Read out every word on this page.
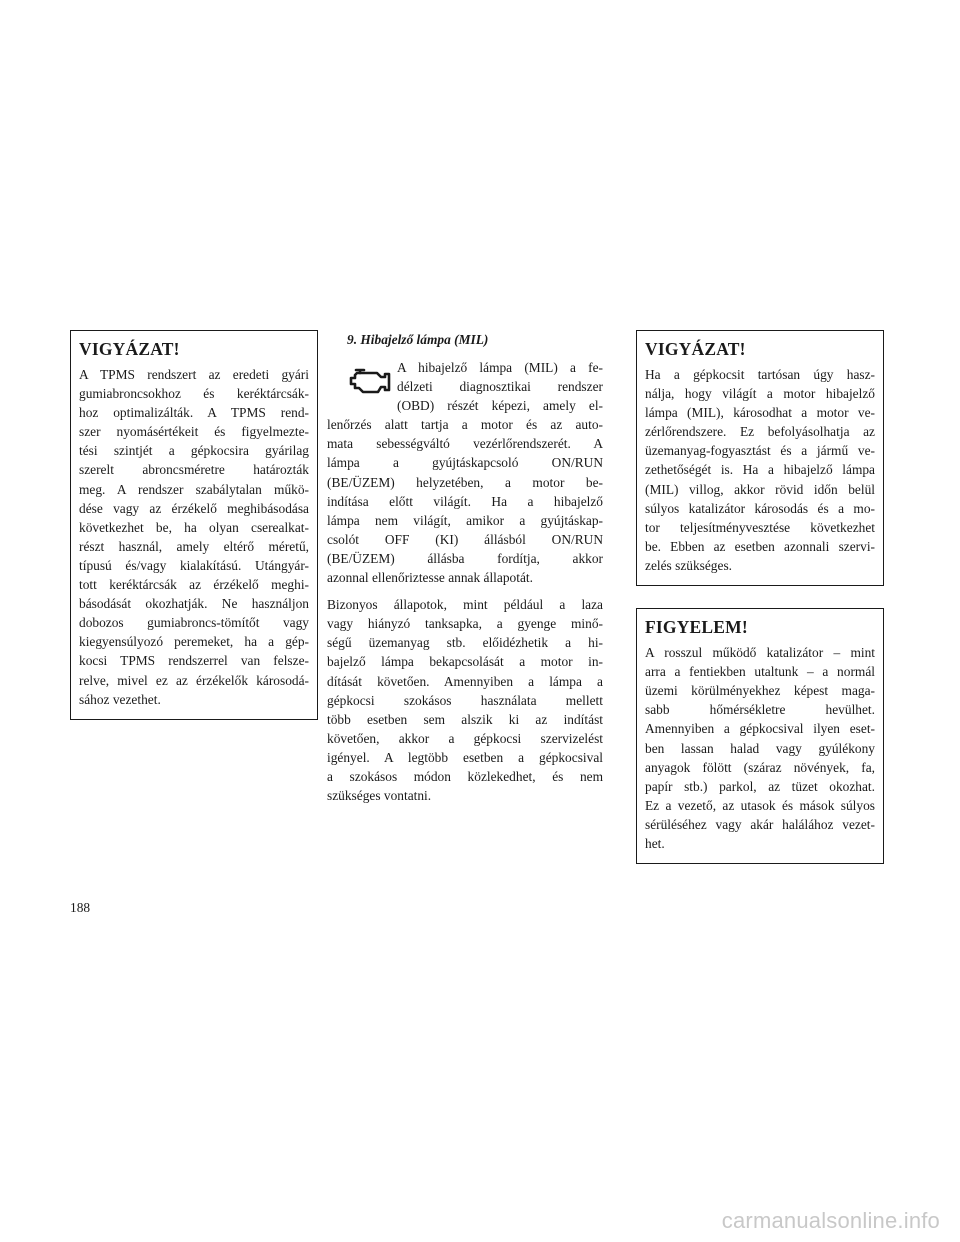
VIGYÁZAT!

A TPMS rendszert az eredeti gyári
gumiabroncsokhoz és keréktárcsák-
hoz optimalizálták. A TPMS rend-
szer nyomásértékeit és figyelmezte-
tési szintjét a gépkocsira gyárilag
szerelt abroncsméretre határozták
meg. A rendszer szabálytalan műkö-
dése vagy az érzékelő meghibásodása
következhet be, ha olyan cserealkat-
részt használ, amely eltérő méretű,
típusú és/vagy kialakítású. Utángyár-
tott keréktárcsák az érzékelő meghi-
básodását okozhatják. Ne használjon
dobozos gumiabroncs-tömítőt vagy
kiegyensúlyozó peremeket, ha a gép-
kocsi TPMS rendszerrel van felsze-
relve, mivel ez az érzékelők károsodá-
sához vezethet.

9. Hibajelző lámpa (MIL)

A hibajelző lámpa (MIL) a fe-
délzeti diagnosztikai rendszer
(OBD) részét képezi, amely el-
lenőrzés alatt tartja a motor és az auto-
mata sebességváltó vezérlőrendszerét. A
lámpa a gyújtáskapcsoló ON/RUN
(BE/ÜZEM) helyzetében, a motor be-
indítása előtt világít. Ha a hibajelző
lámpa nem világít, amikor a gyújtáskap-
csolót OFF (KI) állásból ON/RUN
(BE/ÜZEM) állásba fordítja, akkor
azonnal ellenőriztesse annak állapotát.

Bizonyos állapotok, mint például a laza
vagy hiányzó tanksapka, a gyenge minő-
ségű üzemanyag stb. előidézhetik a hi-
bajelző lámpa bekapcsolását a motor in-
dítását követően. Amennyiben a lámpa a
gépkocsi szokásos használata mellett
több esetben sem alszik ki az indítást
követően, akkor a gépkocsi szervizelést
igényel. A legtöbb esetben a gépkocsival
a szokásos módon közlekedhet, és nem
szükséges vontatni.

VIGYÁZAT!

Ha a gépkocsit tartósan úgy hasz-
nálja, hogy világít a motor hibajelző
lámpa (MIL), károsodhat a motor ve-
zérlőrendszere. Ez befolyásolhatja az
üzemanyag-fogyasztást és a jármű ve-
zethetőségét is. Ha a hibajelző lámpa
(MIL) villog, akkor rövid időn belül
súlyos katalizátor károsodás és a mo-
tor teljesítményvesztése következhet
be. Ebben az esetben azonnali szervi-
zelés szükséges.

FIGYELEM!

A rosszul működő katalizátor – mint
arra a fentiekben utaltunk – a normál
üzemi körülményekhez képest maga-
sabb hőmérsékletre hevülhet.
Amennyiben a gépkocsival ilyen eset-
ben lassan halad vagy gyúlékony
anyagok fölött (száraz növények, fa,
papír stb.) parkol, az tüzet okozhat.
Ez a vezető, az utasok és mások súlyos
sérüléséhez vagy akár halálához vezet-
het.

188
carmanualsonline.info
